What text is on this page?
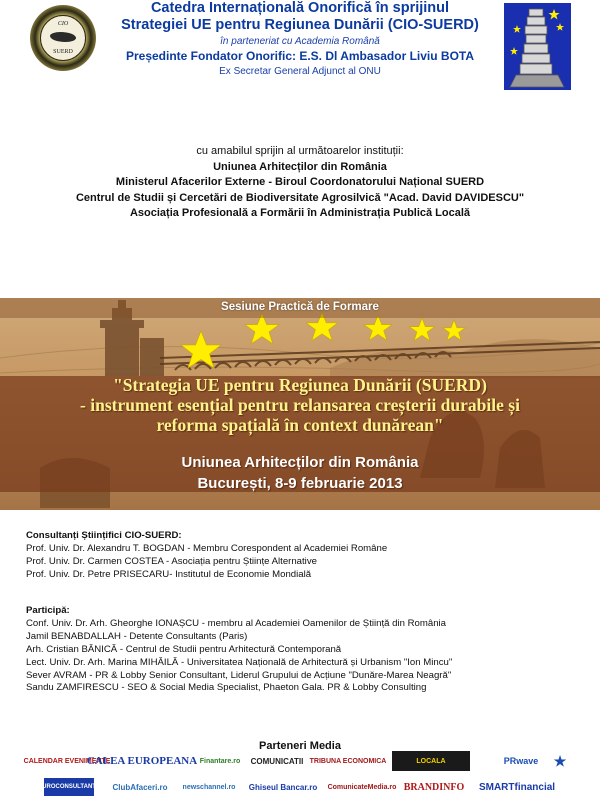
CIO
SUERD

Catedra Internațională Onorifică în sprijinul

Strategiei UE pentru Regiunea Dunării (CIO-SUERD)

în parteneriat cu Academia Română

Președinte Fondator Onorific: E.S. Dl Ambasador Liviu BOTA

Ex Secretar General Adjunct al ONU

cu amabilul sprijin al următoarelor instituții:
Uniunea Arhitecților din România
Ministerul Afacerilor Externe - Biroul Coordonatorului Național SUERD
Centrul de Studii și Cercetări de Biodiversitate Agrosilvică "Acad. David DAVIDESCU"
Asociația Profesională a Formării în Administrația Publică Locală
Sesiune Practică de Formare
"Strategia UE pentru Regiunea Dunării (SUERD)
- instrument esențial pentru relansarea creșterii durabile și
reforma spațială în context dunărean"
Uniunea Arhitecților din România
București, 8-9 februarie 2013
Consultanți Științifici CIO-SUERD:
Prof. Univ. Dr. Alexandru T. BOGDAN - Membru Corespondent al Academiei Române
Prof. Univ. Dr. Carmen COSTEA - Asociația pentru Științe Alternative
Prof. Univ. Dr. Petre PRISECARU- Institutul de Economie Mondială
Participă:
Conf. Univ. Dr. Arh. Gheorghe IONAȘCU - membru al Academiei Oamenilor de Știință din România
Jamil BENABDALLAH - Detente Consultants (Paris)
Arh. Cristian BĂNICĂ - Centrul de Studii pentru Arhitectură Contemporană
Lect. Univ. Dr. Arh. Marina MIHĂILĂ - Universitatea Națională de Arhitectură și Urbanism "Ion Mincu"
Sever AVRAM - PR & Lobby Senior Consultant, Liderul Grupului de Acțiune "Dunăre-Marea Neagră"
Sandu ZAMFIRESCU - SEO & Social Media Specialist, Phaeton Gala. PR & Lobby Consulting
Parteneri Media
CALENDAR EVENIMENTE
CALEA EUROPEANA Finantare.ro	COMUNICATII TRIBUNA ECONOMICA	LOCALA	PRwave	★
EUROCONSULTANTA ClubAfaceri.ro	newschannel.ro	Ghiseul Bancar.ro ComunicateMedia.ro BRANDINFO	SMARTfinancial
